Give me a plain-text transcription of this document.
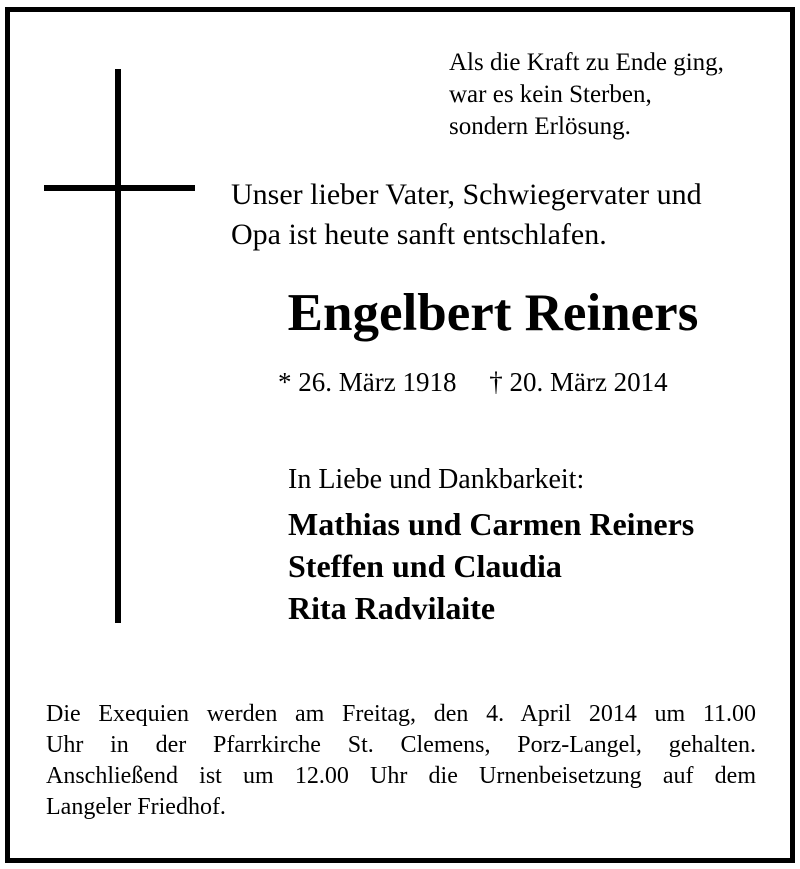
Als die Kraft zu Ende ging,
war es kein Sterben,
sondern Erlösung.
Unser lieber Vater, Schwiegervater und
Opa ist heute sanft entschlafen.
Engelbert Reiners
* 26. März 1918 † 20. März 2014
In Liebe und Dankbarkeit:
Mathias und Carmen Reiners
Steffen und Claudia
Rita Radvilaite
Die Exequien werden am Freitag, den 4. April 2014 um 11.00
Uhr in der Pfarrkirche St. Clemens, Porz-Langel, gehalten.
Anschließend ist um 12.00 Uhr die Urnenbeisetzung auf dem
Langeler Friedhof.
